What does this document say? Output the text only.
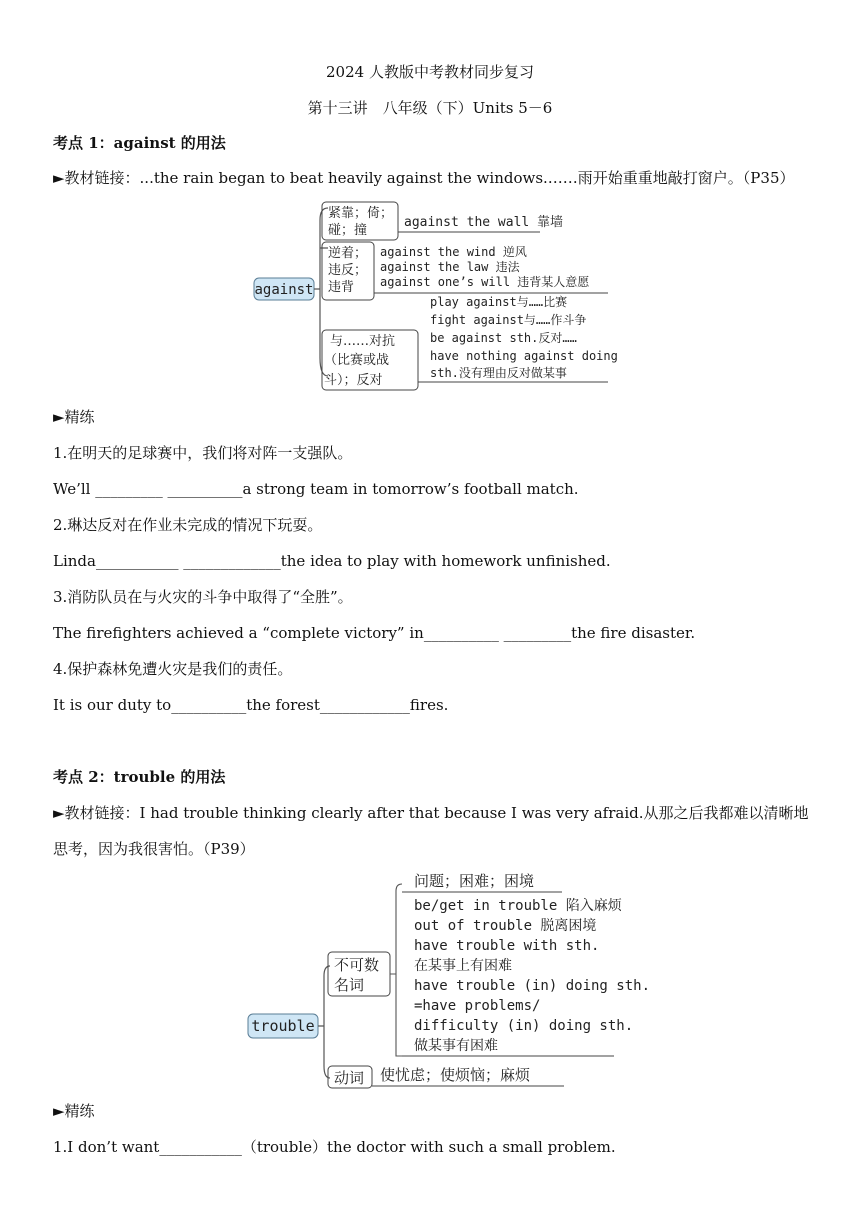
2024 人教版中考教材同步复习
第十三讲　八年级（下）Units 5－6
考点 1：against 的用法
►教材链接：...the rain began to beat heavily against the windows.……雨开始重重地敲打窗户。（P35）
against
紧靠；倚；
碰；撞
against the wall 靠墙
逆着；
违反；
违背
against the wind 逆风
against the law 违法
against one’s will 违背某人意愿
与……对抗
（比赛或战
斗）；反对
play against与……比赛
fight against与……作斗争
be against sth.反对……
have nothing against doing
sth.没有理由反对做某事
►精练
1.在明天的足球赛中，我们将对阵一支强队。
We’ll _________ __________a strong team in tomorrow’s football match.
2.琳达反对在作业未完成的情况下玩耍。
Linda___________ _____________the idea to play with homework unfinished.
3.消防队员在与火灾的斗争中取得了“全胜”。
The firefighters achieved a “complete victory” in__________ _________the fire disaster.
4.保护森林免遭火灾是我们的责任。
It is our duty to__________the forest____________fires.
考点 2：trouble 的用法
►教材链接：I had trouble thinking clearly after that because I was very afraid.从那之后我都难以清晰地
思考，因为我很害怕。（P39）
trouble
不可数
名词
问题；困难；困境
be/get in trouble 陷入麻烦
out of trouble 脱离困境
have trouble with sth.
在某事上有困难
have trouble (in) doing sth.
=have problems/
difficulty (in) doing sth.
做某事有困难
动词 使忧虑；使烦恼；麻烦
►精练
1.I don’t want___________（trouble）the doctor with such a small problem.
